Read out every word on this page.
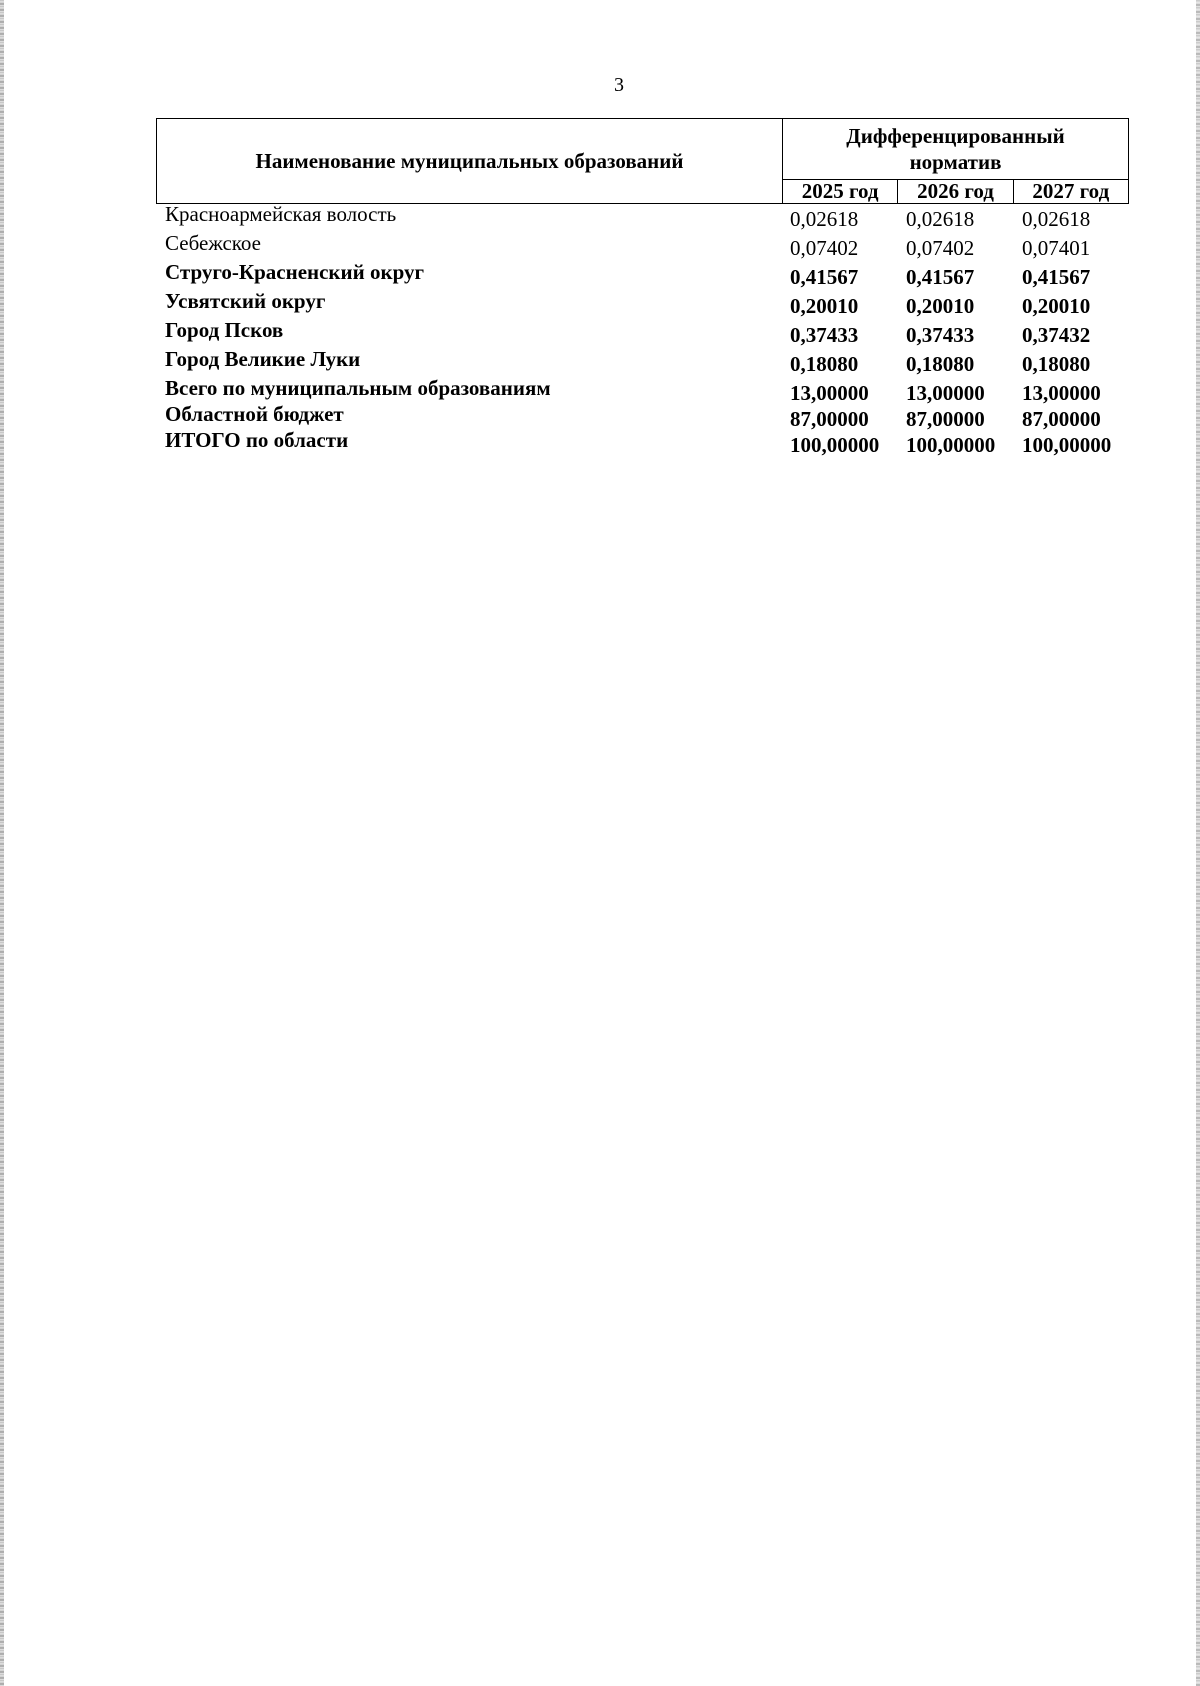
3
Наименование муниципальных образований
Дифференцированный норматив
2025 год	2026 год	2027 год
Красноармейская волость	0,02618 0,02618 0,02618
Себежское	0,07402 0,07402 0,07401
Струго-Красненский округ	0,41567 0,41567 0,41567
Усвятский округ	0,20010 0,20010 0,20010
Город Псков	0,37433 0,37433 0,37432
Город Великие Луки	0,18080 0,18080 0,18080
Всего по муниципальным образованиям	13,00000 13,00000 13,00000
Областной бюджет	87,00000 87,00000 87,00000
ИТОГО по области	100,00000 100,00000 100,00000
